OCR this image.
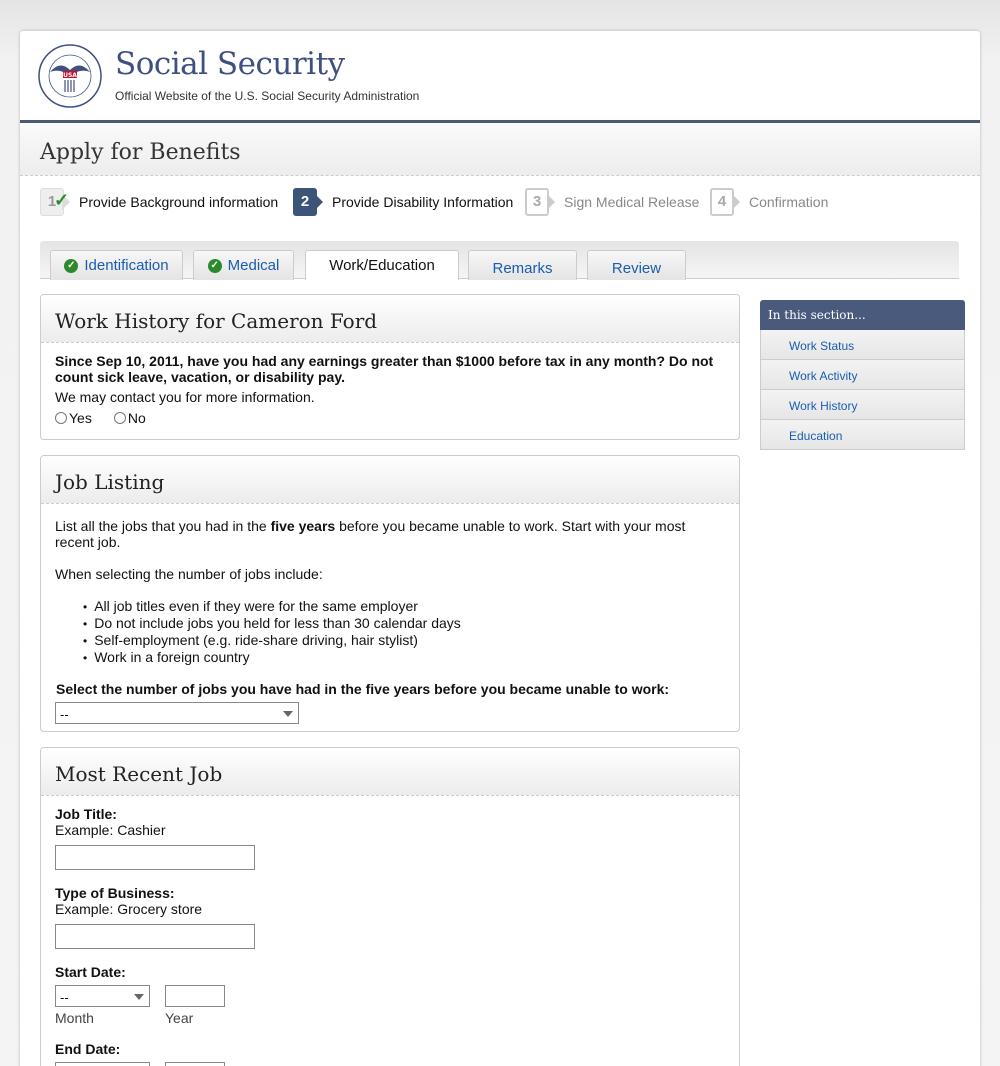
USA Social Security
Official Website of the U.S. Social Security Administration
Apply for Benefits
1
✓ Provide Background information	2	Provide Disability Information	3	Sign Medical Release	4	Confirmation
✓ Identification	✓ Medical	Work/Education	Remarks	Review
Work History for Cameron Ford
Since Sep 10, 2011, have you had any earnings greater than $1000 before tax in any month? Do not count sick leave, vacation, or disability pay.
We may contact you for more information.
Yes	No
Job Listing
List all the jobs that you had in the five years before you became unable to work. Start with your most recent job.
When selecting the number of jobs include:
• All job titles even if they were for the same employer
• Do not include jobs you held for less than 30 calendar days
• Self-employment (e.g. ride-share driving, hair stylist)
• Work in a foreign country
Select the number of jobs you have had in the five years before you became unable to work:
--
Most Recent Job
Job Title:
Example: Cashier
Type of Business:
Example: Grocery store
Start Date:
--
Month	Year
End Date:
In this section...
Work Status
Work Activity
Work History
Education
